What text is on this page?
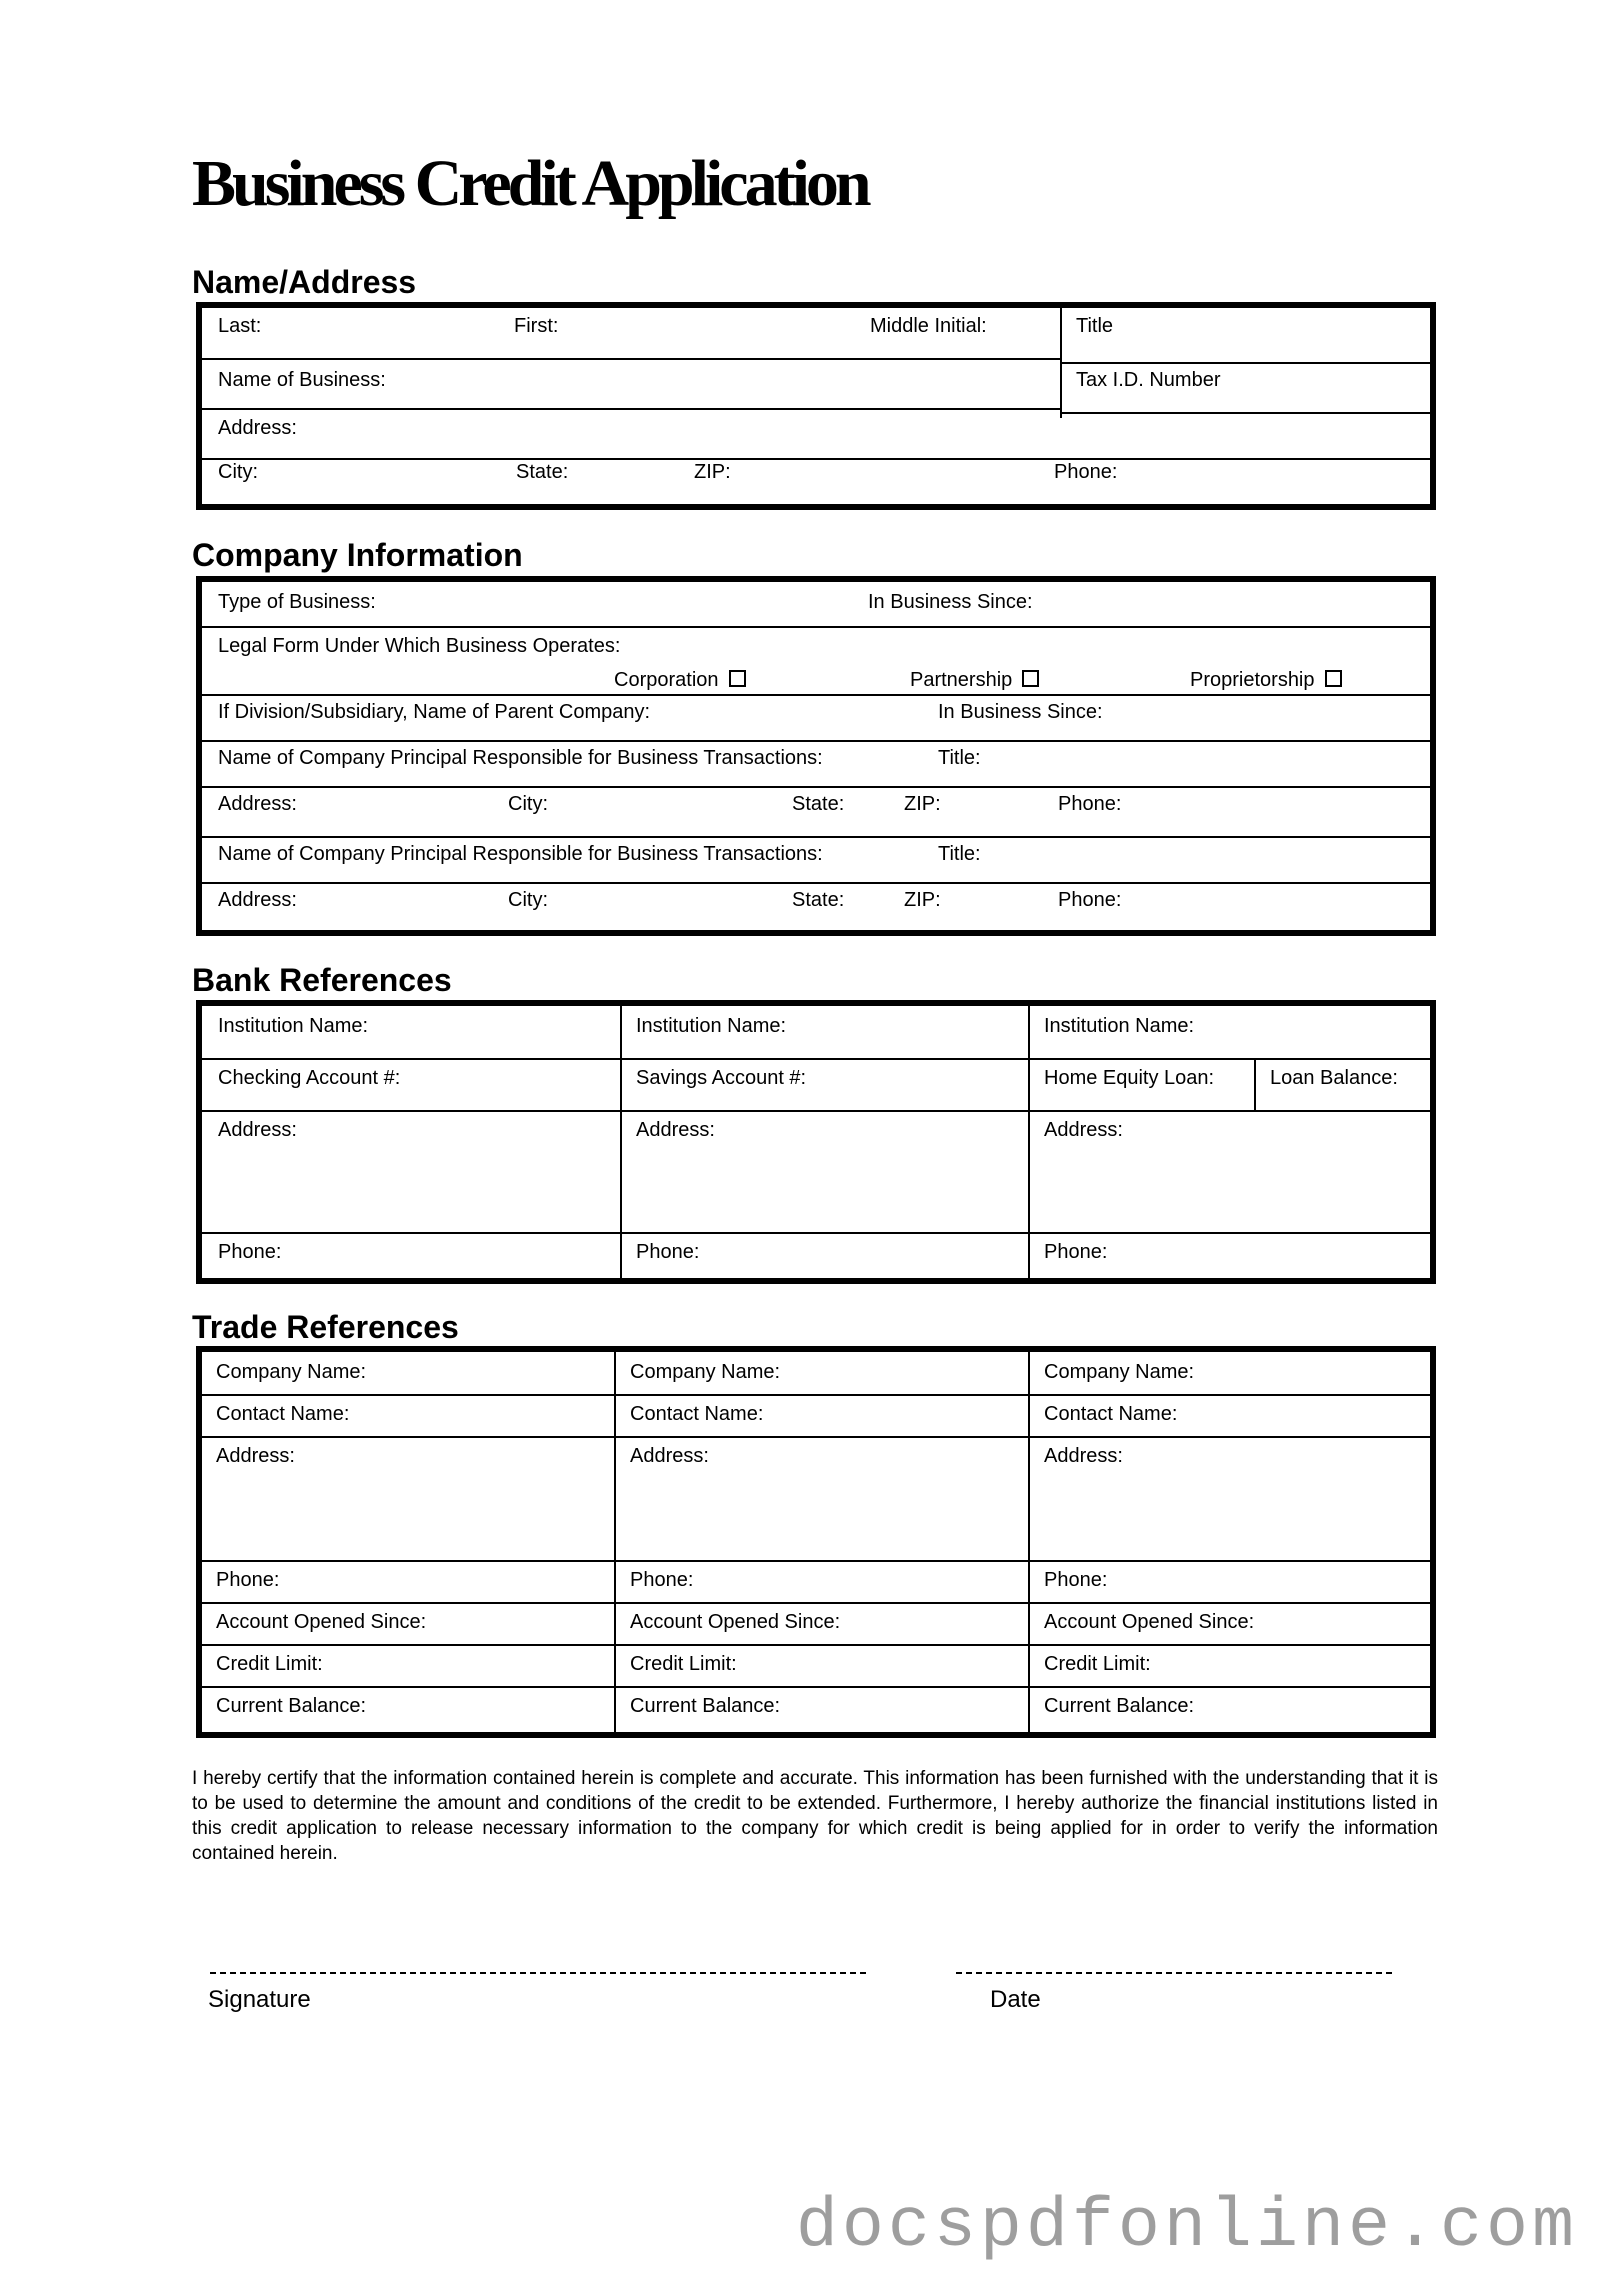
Business Credit Application
Name/Address
Last:	First:	Middle Initial:	Title
Name of Business:	Tax I.D. Number
Address:
City:	State:	ZIP:	Phone:
Company Information
Type of Business:	In Business Since:
Legal Form Under Which Business Operates:
Corporation	Partnership	Proprietorship
If Division/Subsidiary, Name of Parent Company:	In Business Since:
Name of Company Principal Responsible for Business Transactions:	Title:
Address:	City:	State:	ZIP:	Phone:
Name of Company Principal Responsible for Business Transactions:	Title:
Address:	City:	State:	ZIP:	Phone:
Bank References
Institution Name:	Institution Name:	Institution Name:
Checking Account #:	Savings Account #:	Home Equity Loan:	Loan Balance:
Address:	Address:	Address:
Phone:	Phone:	Phone:
Trade References
Company Name:	Company Name:	Company Name:
Contact Name:	Contact Name:	Contact Name:
Address:	Address:	Address:
Phone:	Phone:	Phone:
Account Opened Since:	Account Opened Since:	Account Opened Since:
Credit Limit:	Credit Limit:	Credit Limit:
Current Balance:	Current Balance:	Current Balance:

I hereby certify that the information contained herein is complete and accurate. This information has been furnished with the understanding that it is to be used to determine the amount and conditions of the credit to be extended. Furthermore, I hereby authorize the financial institutions listed in this credit application to release necessary information to the company for which credit is being applied for in order to verify the information contained herein.

Signature	Date
docspdfonline.com
